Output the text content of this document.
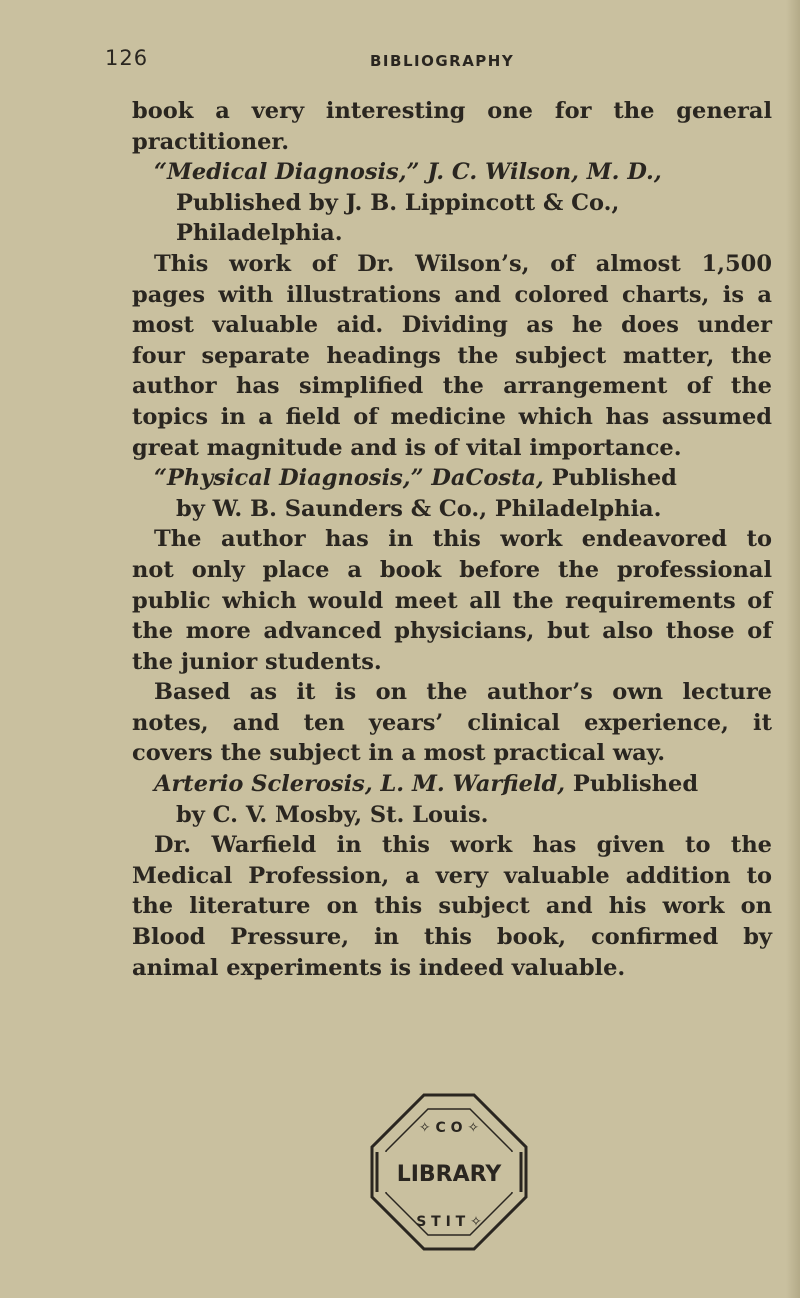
126	BIBLIOGRAPHY
book a very interesting one for the general
practitioner.
“Medical Diagnosis,” J. C. Wilson, M. D.,
Published by J. B. Lippincott & Co.,
Philadelphia.
This work of Dr. Wilson’s, of almost 1,500
pages with illustrations and colored charts, is a
most valuable aid. Dividing as he does under
four separate headings the subject matter, the
author has simplified the arrangement of the
topics in a field of medicine which has assumed
great magnitude and is of vital importance.
“Physical Diagnosis,” DaCosta, Published
by W. B. Saunders & Co., Philadelphia.
The author has in this work endeavored to
not only place a book before the professional
public which would meet all the requirements of
the more advanced physicians, but also those of
the junior students.
Based as it is on the author’s own lecture
notes, and ten years’ clinical experience, it
covers the subject in a most practical way.
Arterio Sclerosis, L. M. Warfield, Published
by C. V. Mosby, St. Louis.
Dr. Warfield in this work has given to the
Medical Profession, a very valuable addition to
the literature on this subject and his work on
Blood Pressure, in this book, confirmed by
animal experiments is indeed valuable.
LIBRARY
✧ C O ✧
S T I T ✧
